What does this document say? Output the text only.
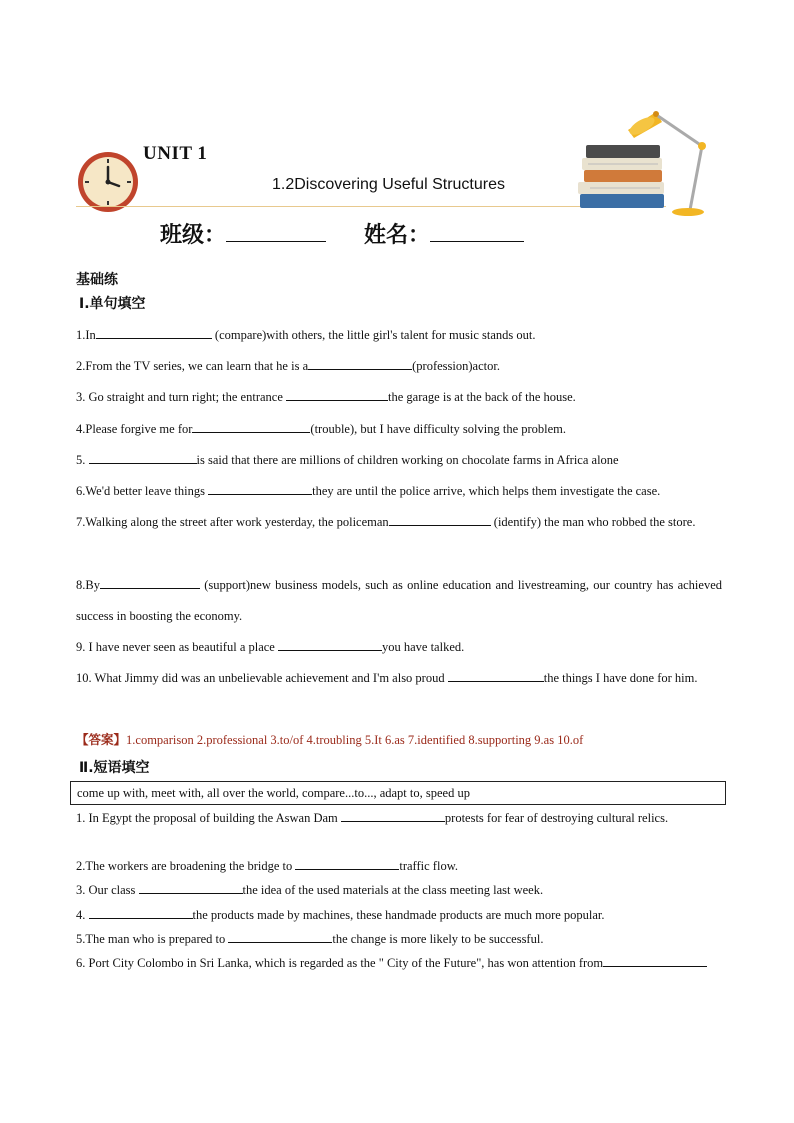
UNIT 1
1.2Discovering Useful Structures
班级：	姓名：
基础练
Ⅰ.单句填空
1.In	(compare)with others, the little girl's talent for music stands out.
2.From the TV series, we can learn that he is a	(profession)actor.
3. Go straight and turn right; the entrance	the garage is at the back of the house.
4.Please forgive me for	(trouble), but I have difficulty solving the problem.
5.	is said that there are millions of children working on chocolate farms in Africa alone
6.We'd better leave things	they are until the police arrive, which helps them investigate the case.
7.Walking along the street after work yesterday, the policeman	(identify) the man who robbed the store.
8.By	(support)new business models, such as online education and livestreaming, our country has achieved success in boosting the economy.
9. I have never seen as beautiful a place	you have talked.
10. What Jimmy did was an unbelievable achievement and I'm also proud	the things I have done for him.
【答案】1.comparison 2.professional 3.to/of 4.troubling 5.It 6.as 7.identified 8.supporting 9.as 10.of
Ⅱ.短语填空
come up with, meet with, all over the world, compare...to..., adapt to, speed up
1. In Egypt the proposal of building the Aswan Dam	protests for fear of destroying cultural relics.
2.The workers are broadening the bridge to	traffic flow.
3. Our class	the idea of the used materials at the class meeting last week.
4.	the products made by machines, these handmade products are much more popular.
5.The man who is prepared to	the change is more likely to be successful.
6. Port City Colombo in Sri Lanka, which is regarded as the " City of the Future", has won attention from
